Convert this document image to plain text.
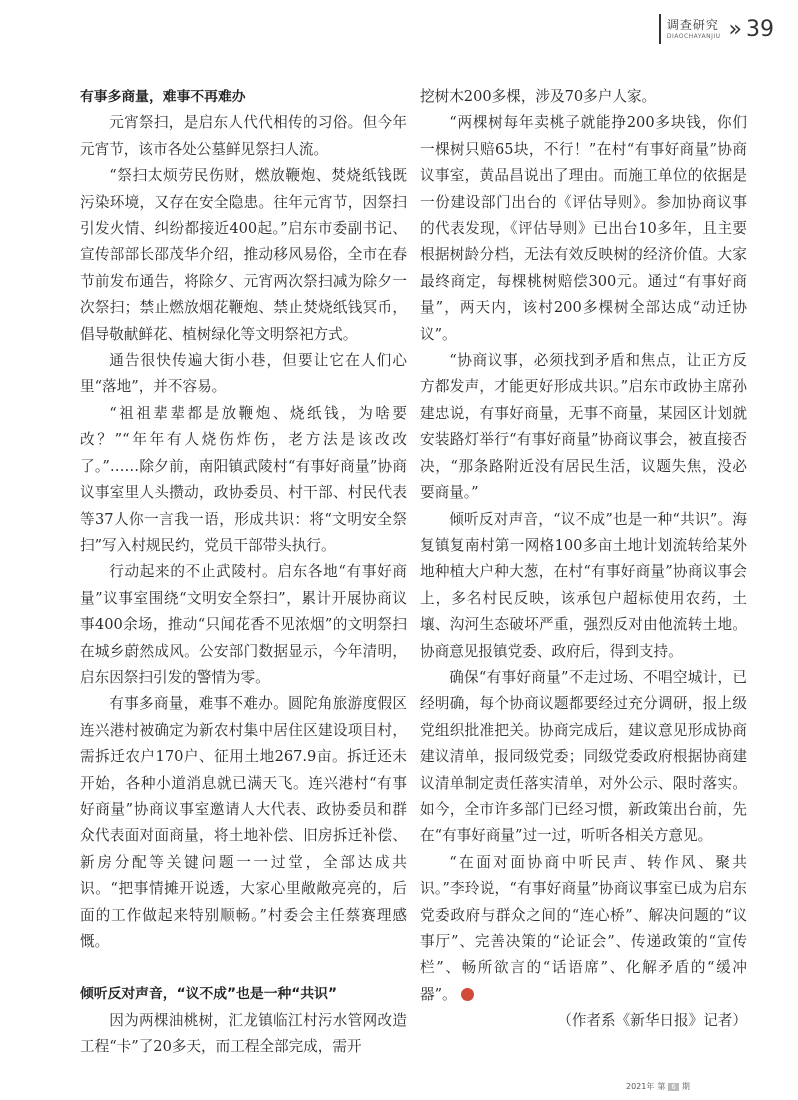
调查研究
DIAOCHAYANJIU » 39
有事多商量，难事不再难办

元宵祭扫，是启东人代代相传的习俗。但今年元宵节，该市各处公墓鲜见祭扫人流。

“祭扫太烦劳民伤财，燃放鞭炮、焚烧纸钱既污染环境，又存在安全隐患。往年元宵节，因祭扫引发火情、纠纷都接近400起。”启东市委副书记、宣传部部长邵茂华介绍，推动移风易俗，全市在春节前发布通告，将除夕、元宵两次祭扫减为除夕一次祭扫；禁止燃放烟花鞭炮、禁止焚烧纸钱冥币，倡导敬献鲜花、植树绿化等文明祭祀方式。

通告很快传遍大街小巷，但要让它在人们心里“落地”，并不容易。

“祖祖辈辈都是放鞭炮、烧纸钱，为啥要改？”“年年有人烧伤炸伤，老方法是该改改了。”……除夕前，南阳镇武陵村“有事好商量”协商议事室里人头攒动，政协委员、村干部、村民代表等37人你一言我一语，形成共识：将“文明安全祭扫”写入村规民约，党员干部带头执行。

行动起来的不止武陵村。启东各地“有事好商量”议事室围绕“文明安全祭扫”，累计开展协商议事400余场，推动“只闻花香不见浓烟”的文明祭扫在城乡蔚然成风。公安部门数据显示，今年清明，启东因祭扫引发的警情为零。

有事多商量，难事不难办。圆陀角旅游度假区连兴港村被确定为新农村集中居住区建设项目村，需拆迁农户170户、征用土地267.9亩。拆迁还未开始，各种小道消息就已满天飞。连兴港村“有事好商量”协商议事室邀请人大代表、政协委员和群众代表面对面商量，将土地补偿、旧房拆迁补偿、新房分配等关键问题一一过堂，全部达成共识。“把事情摊开说透，大家心里敞敞亮亮的，后面的工作做起来特别顺畅。”村委会主任蔡赛理感慨。

倾听反对声音，“议不成”也是一种“共识”

因为两棵油桃树，汇龙镇临江村污水管网改造工程“卡”了20多天，而工程全部完成，需开

挖树木200多棵，涉及70多户人家。

“两棵树每年卖桃子就能挣200多块钱，你们一棵树只赔65块，不行！”在村“有事好商量”协商议事室，黄品昌说出了理由。而施工单位的依据是一份建设部门出台的《评估导则》。参加协商议事的代表发现，《评估导则》已出台10多年，且主要根据树龄分档，无法有效反映树的经济价值。大家最终商定，每棵桃树赔偿300元。通过“有事好商量”，两天内，该村200多棵树全部达成“动迁协议”。

“协商议事，必须找到矛盾和焦点，让正方反方都发声，才能更好形成共识。”启东市政协主席孙建忠说，有事好商量，无事不商量，某园区计划就安装路灯举行“有事好商量”协商议事会，被直接否决，“那条路附近没有居民生活，议题失焦，没必要商量。”

倾听反对声音，“议不成”也是一种“共识”。海复镇复南村第一网格100多亩土地计划流转给某外地种植大户种大葱，在村“有事好商量”协商议事会上，多名村民反映，该承包户超标使用农药，土壤、沟河生态破坏严重，强烈反对由他流转土地。协商意见报镇党委、政府后，得到支持。

确保“有事好商量”不走过场、不唱空城计，已经明确，每个协商议题都要经过充分调研，报上级党组织批准把关。协商完成后，建议意见形成协商建议清单，报同级党委；同级党委政府根据协商建议清单制定责任落实清单，对外公示、限时落实。如今，全市许多部门已经习惯，新政策出台前，先在“有事好商量”过一过，听听各相关方意见。

“在面对面协商中听民声、转作风、聚共识。”李玲说，“有事好商量”协商议事室已成为启东党委政府与群众之间的“连心桥”、解决问题的“议事厅”、完善决策的“论证会”、传递政策的“宣传栏”、畅所欲言的“话语席”、化解矛盾的“缓冲器”。

（作者系《新华日报》记者）

2021年 第 6 期
